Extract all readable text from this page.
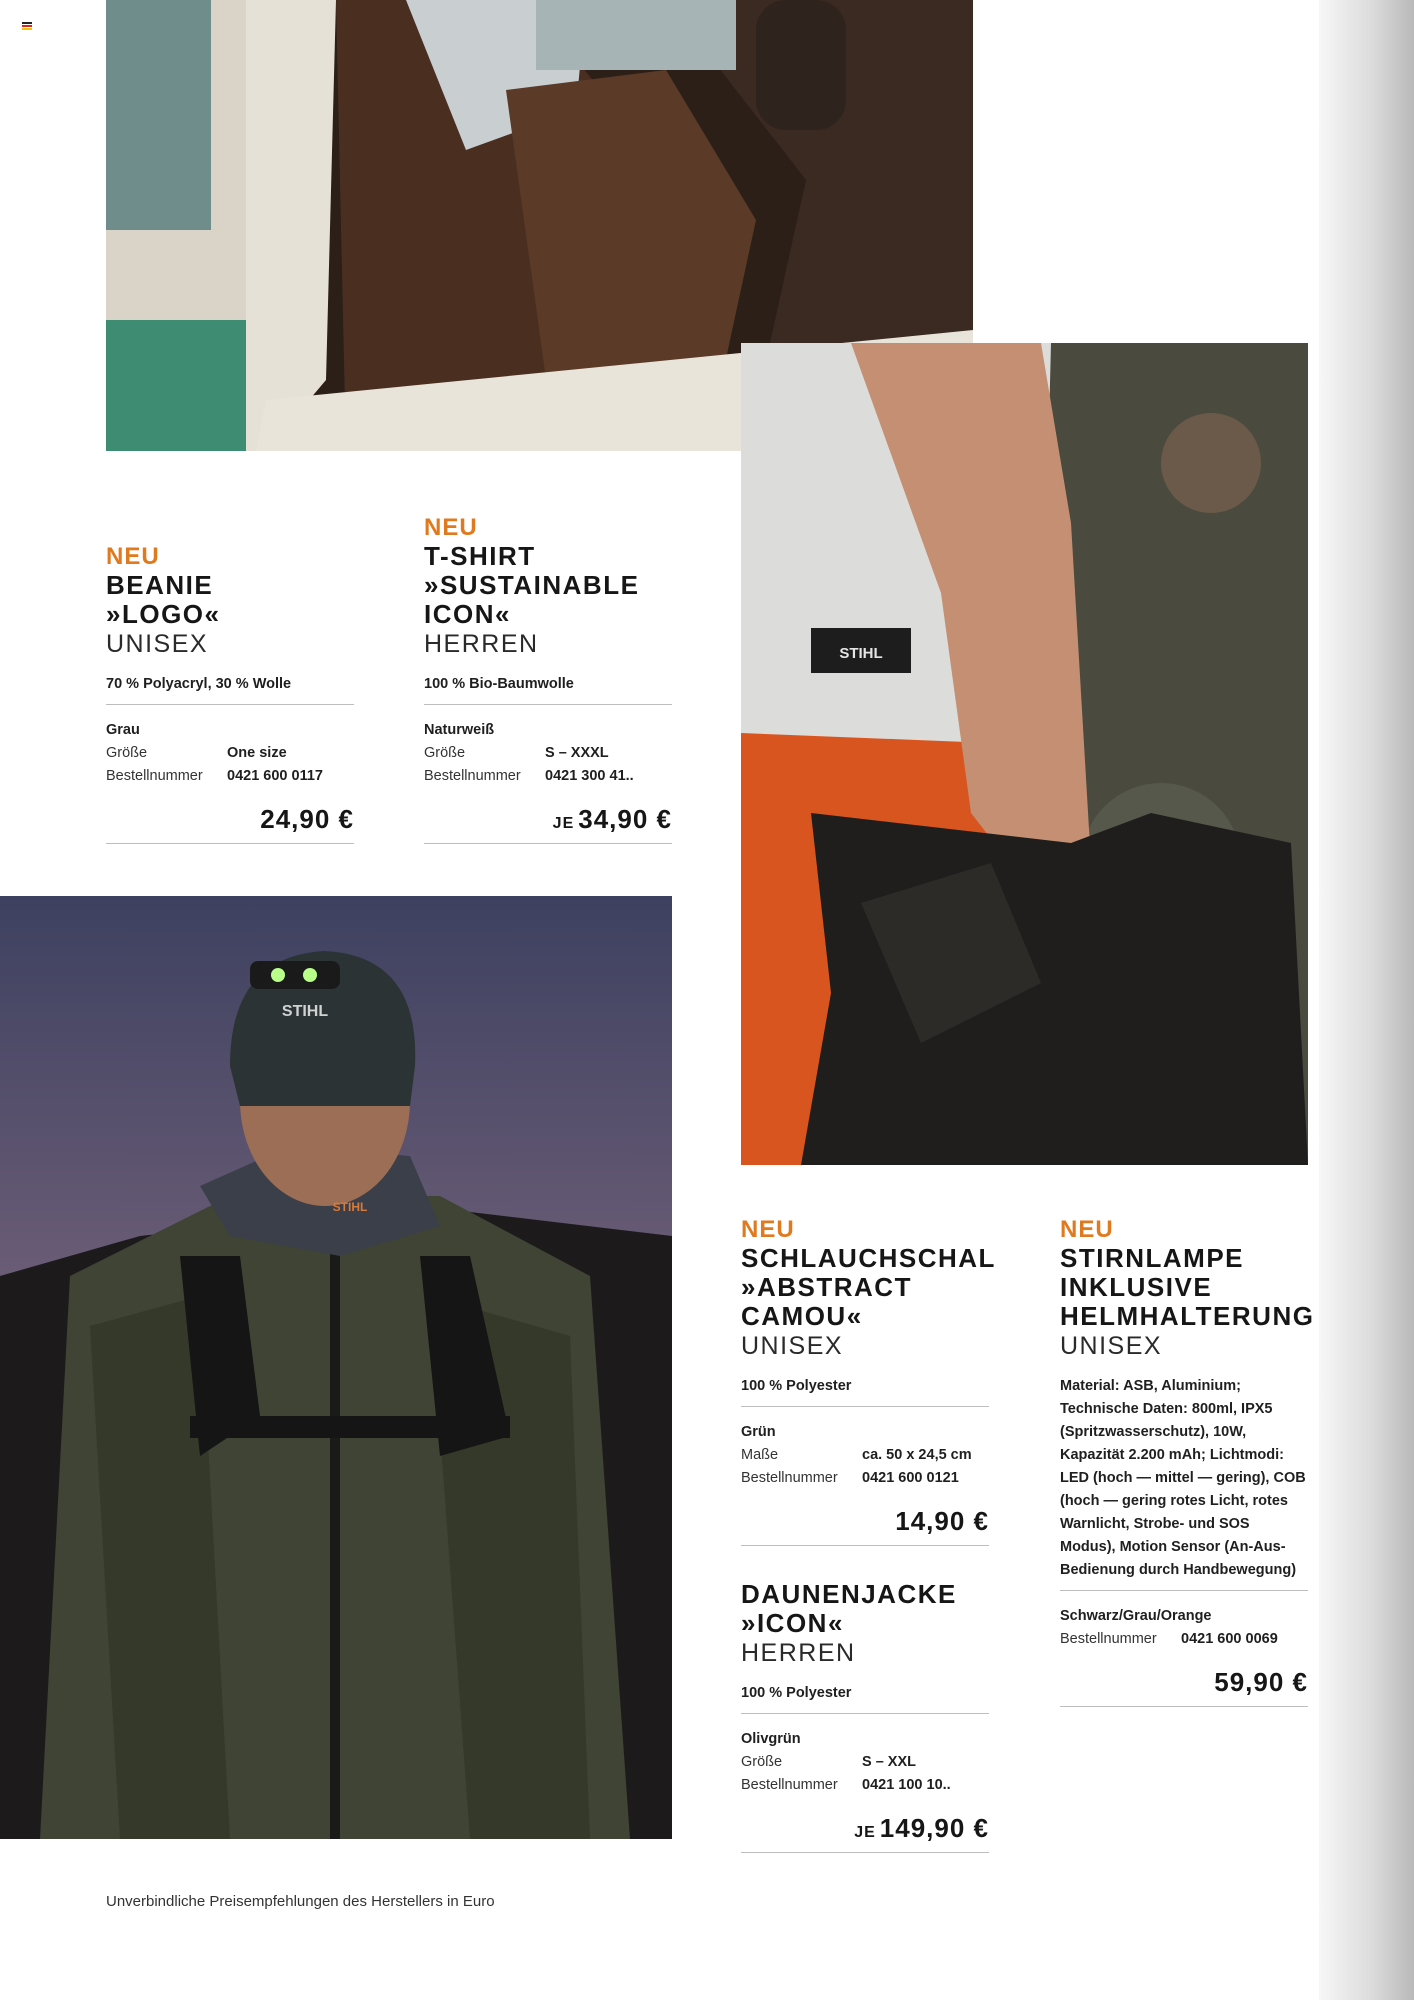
STIHL
STIHL
STIHL
NEU
BEANIE
»LOGO«
UNISEX
70 % Polyacryl, 30 % Wolle
Grau
Größe	One size
Bestellnummer	0421 600 0117
24,90 €
NEU
T-SHIRT
»SUSTAINABLE
ICON«
HERREN
100 % Bio-Baumwolle
Naturweiß
Größe	S – XXXL
Bestellnummer	0421 300 41..
JE 34,90 €
NEU
SCHLAUCHSCHAL
»ABSTRACT
CAMOU«
UNISEX
100 % Polyester
Grün
Maße	ca. 50 x 24,5 cm
Bestellnummer	0421 600 0121
14,90 €
NEU
STIRNLAMPE
INKLUSIVE
HELMHALTERUNG
UNISEX
Material: ASB, Aluminium; Technische Daten: 800ml, IPX5 (Spritzwasserschutz), 10W, Kapazität 2.200 mAh; Lichtmodi: LED (hoch — mittel — gering), COB (hoch — gering rotes Licht, rotes Warnlicht, Strobe- und SOS Modus), Motion Sensor (An-Aus-Bedienung durch Handbewegung)
Schwarz/Grau/Orange
Bestellnummer	0421 600 0069
59,90 €
DAUNENJACKE
»ICON«
HERREN
100 % Polyester
Olivgrün
Größe	S – XXL
Bestellnummer	0421 100 10..
JE 149,90 €
Unverbindliche Preisempfehlungen des Herstellers in Euro
